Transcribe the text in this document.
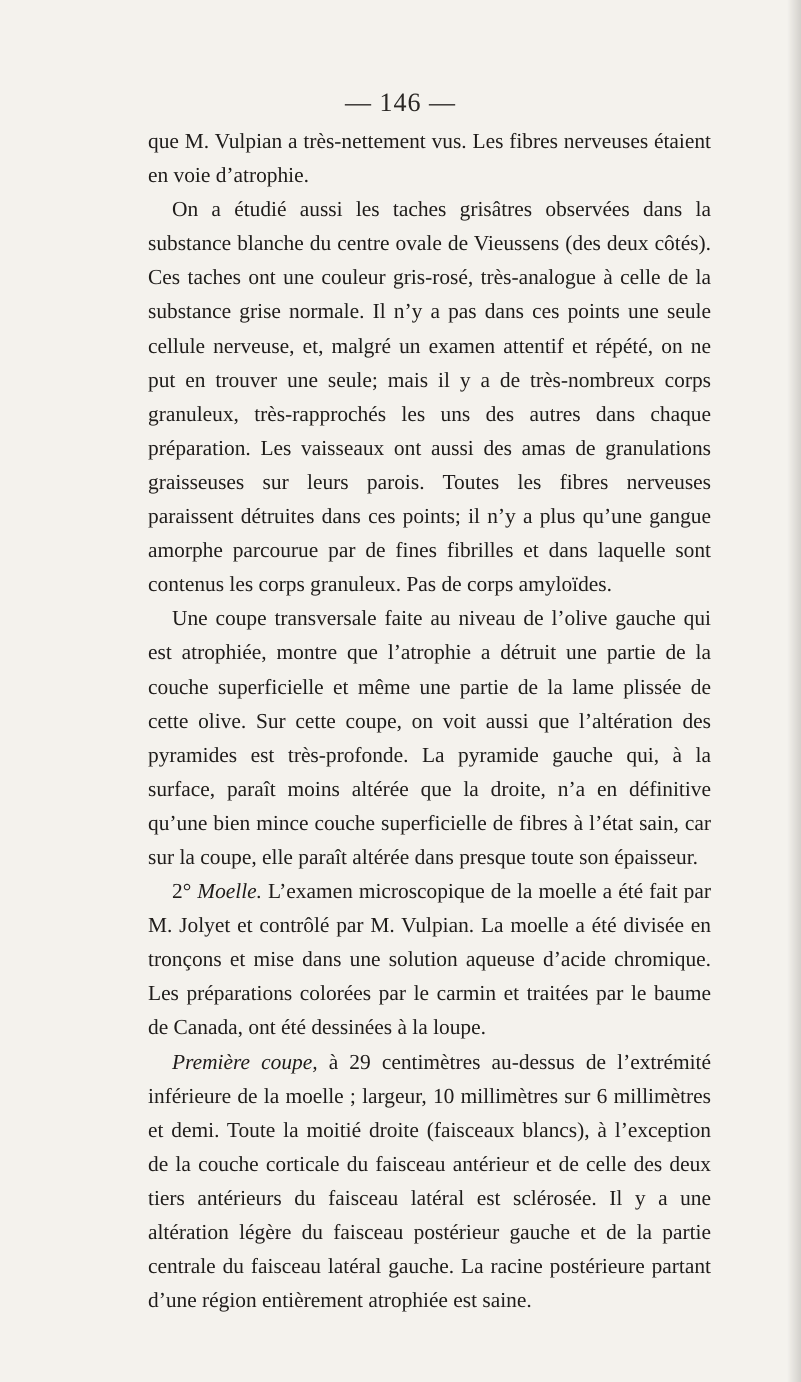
— 146 —

que M. Vulpian a très-nettement vus. Les fibres nerveuses étaient en voie d’atrophie.

On a étudié aussi les taches grisâtres observées dans la substance blanche du centre ovale de Vieussens (des deux côtés). Ces taches ont une couleur gris-rosé, très-analogue à celle de la substance grise normale. Il n’y a pas dans ces points une seule cellule nerveuse, et, malgré un examen attentif et répété, on ne put en trouver une seule; mais il y a de très-nombreux corps granuleux, très-rapprochés les uns des autres dans chaque préparation. Les vaisseaux ont aussi des amas de granulations graisseuses sur leurs parois. Toutes les fibres nerveuses paraissent détruites dans ces points; il n’y a plus qu’une gangue amorphe parcourue par de fines fibrilles et dans laquelle sont contenus les corps granuleux. Pas de corps amyloïdes.

Une coupe transversale faite au niveau de l’olive gauche qui est atrophiée, montre que l’atrophie a détruit une partie de la couche superficielle et même une partie de la lame plissée de cette olive. Sur cette coupe, on voit aussi que l’altération des pyramides est très-profonde. La pyramide gauche qui, à la surface, paraît moins altérée que la droite, n’a en définitive qu’une bien mince couche superficielle de fibres à l’état sain, car sur la coupe, elle paraît altérée dans presque toute son épaisseur.

2° Moelle. L’examen microscopique de la moelle a été fait par M. Jolyet et contrôlé par M. Vulpian. La moelle a été divisée en tronçons et mise dans une solution aqueuse d’acide chromique. Les préparations colorées par le carmin et traitées par le baume de Canada, ont été dessinées à la loupe.

Première coupe, à 29 centimètres au-dessus de l’extrémité inférieure de la moelle ; largeur, 10 millimètres sur 6 millimètres et demi. Toute la moitié droite (faisceaux blancs), à l’exception de la couche corticale du faisceau antérieur et de celle des deux tiers antérieurs du faisceau latéral est sclérosée. Il y a une altération légère du faisceau postérieur gauche et de la partie centrale du faisceau latéral gauche. La racine postérieure partant d’une région entièrement atrophiée est saine.
